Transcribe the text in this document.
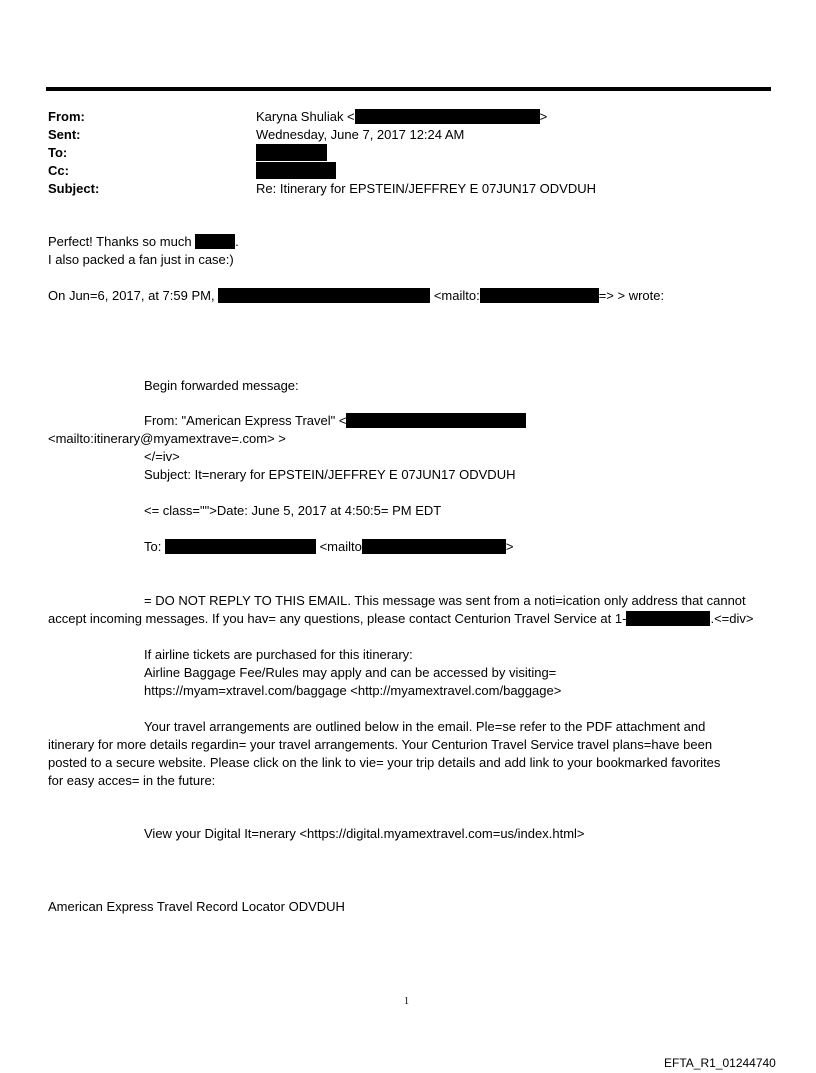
From:	Karyna Shuliak <	>
Sent:	Wednesday, June 7, 2017 12:24 AM
To:
Cc:
Subject:	Re: Itinerary for EPSTEIN/JEFFREY E 07JUN17 ODVDUH
Perfect! Thanks so much	.
I also packed a fan just in case:)
On Jun=6, 2017, at 7:59 PM,	<mailto:	=> > wrote:
Begin forwarded message:
From: "American Express Travel" <
<mailto:itinerary@myamextrave=.com> >
</=iv>
Subject: It=nerary for EPSTEIN/JEFFREY E 07JUN17 ODVDUH
<= class="">Date: June 5, 2017 at 4:50:5= PM EDT
To:	<mailto	>
= DO NOT REPLY TO THIS EMAIL. This message was sent from a noti=ication only address that cannot
accept incoming messages. If you hav= any questions, please contact Centurion Travel Service at 1-	.<=div>
If airline tickets are purchased for this itinerary:
Airline Baggage Fee/Rules may apply and can be accessed by visiting=
https://myam=xtravel.com/baggage <http://myamextravel.com/baggage>
Your travel arrangements are outlined below in the email. Ple=se refer to the PDF attachment and
itinerary for more details regardin= your travel arrangements. Your Centurion Travel Service travel plans=have been
posted to a secure website. Please click on the link to vie= your trip details and add link to your bookmarked favorites
for easy acces= in the future:
View your Digital It=nerary <https://digital.myamextravel.com=us/index.html>
American Express Travel Record Locator ODVDUH
1
EFTA_R1_01244740
